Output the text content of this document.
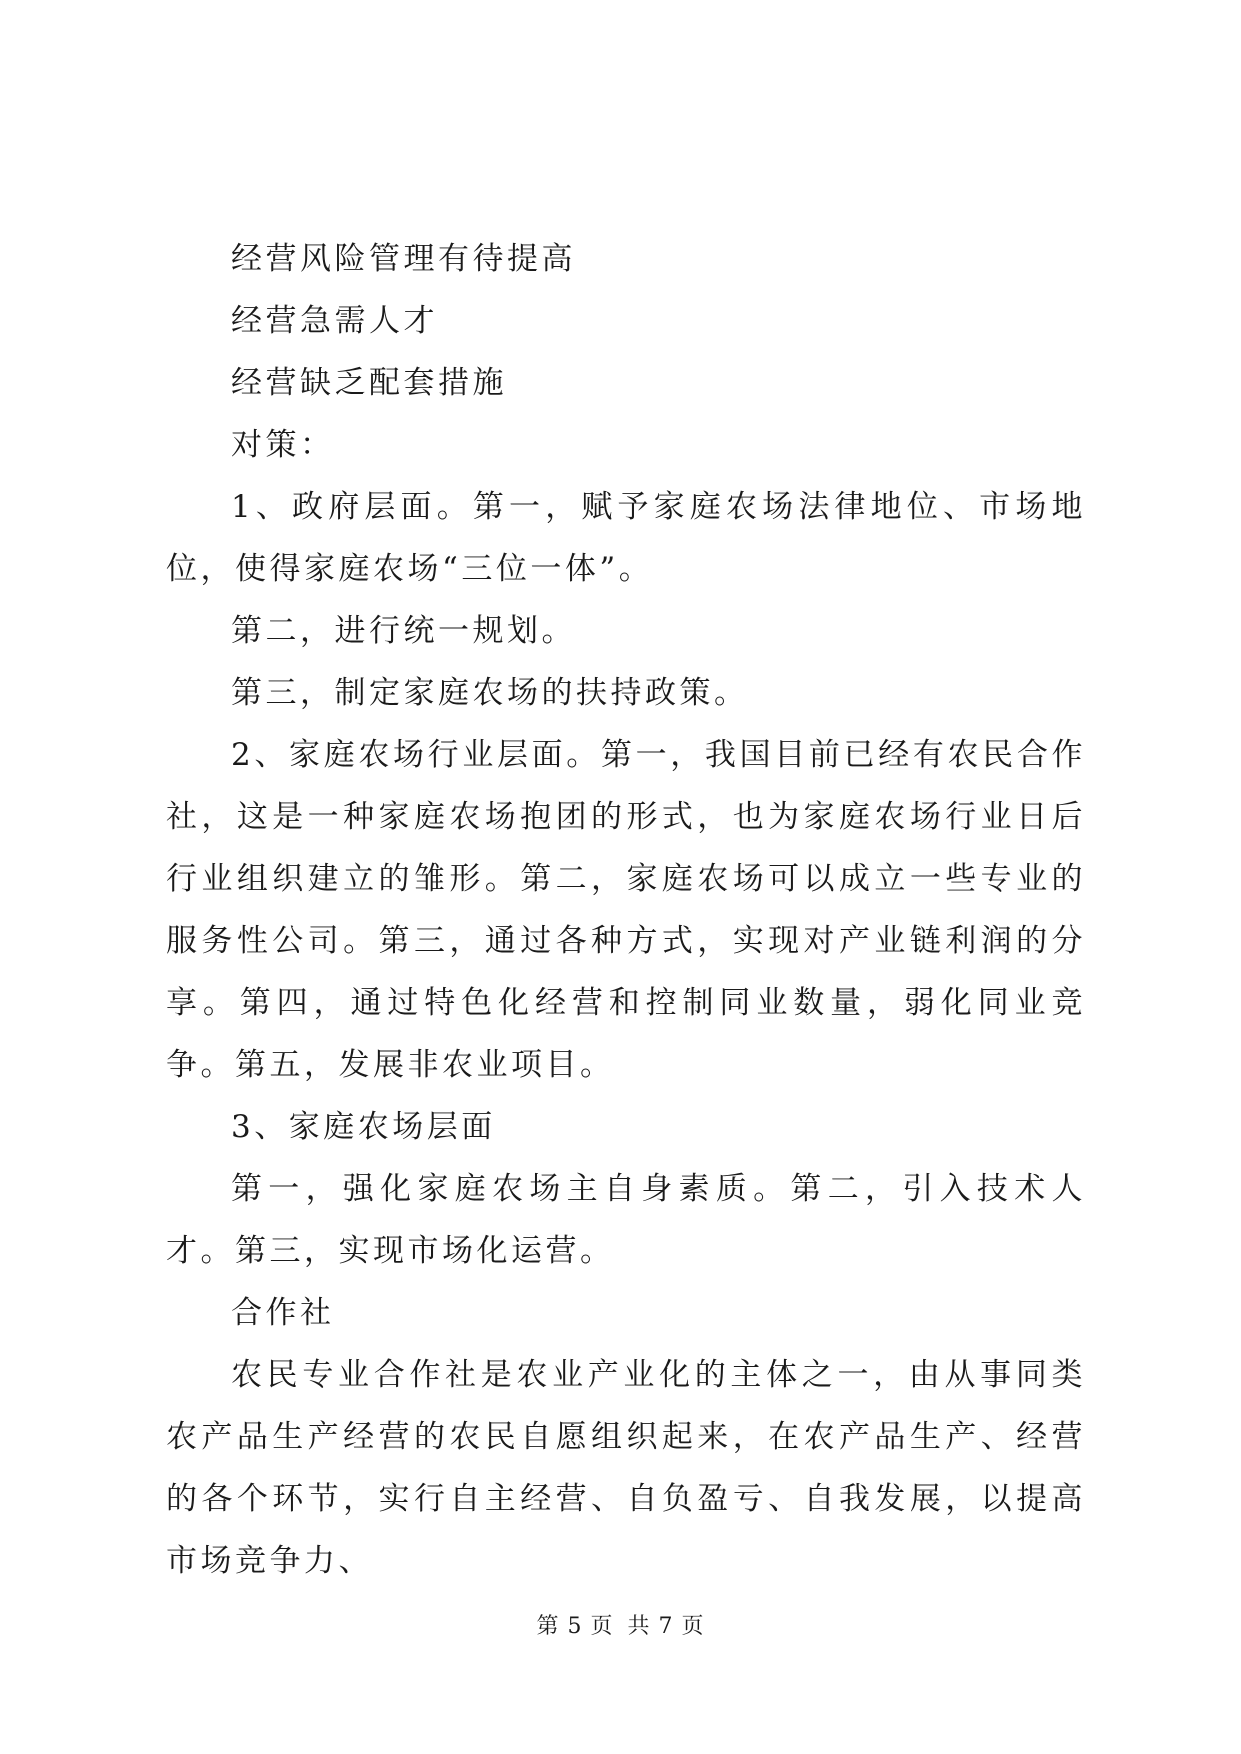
经营风险管理有待提高

经营急需人才

经营缺乏配套措施

对策：

1、政府层面。第一，赋予家庭农场法律地位、市场地位，使得家庭农场“三位一体”。

第二，进行统一规划。

第三，制定家庭农场的扶持政策。

2、家庭农场行业层面。第一，我国目前已经有农民合作社，这是一种家庭农场抱团的形式，也为家庭农场行业日后行业组织建立的雏形。第二，家庭农场可以成立一些专业的服务性公司。第三，通过各种方式，实现对产业链利润的分享。第四，通过特色化经营和控制同业数量，弱化同业竞争。第五，发展非农业项目。

3、家庭农场层面

第一，强化家庭农场主自身素质。第二，引入技术人才。第三，实现市场化运营。

合作社

农民专业合作社是农业产业化的主体之一，由从事同类农产品生产经营的农民自愿组织起来，在农产品生产、经营的各个环节，实行自主经营、自负盈亏、自我发展，以提高市场竞争力、

第 5 页 共 7 页
